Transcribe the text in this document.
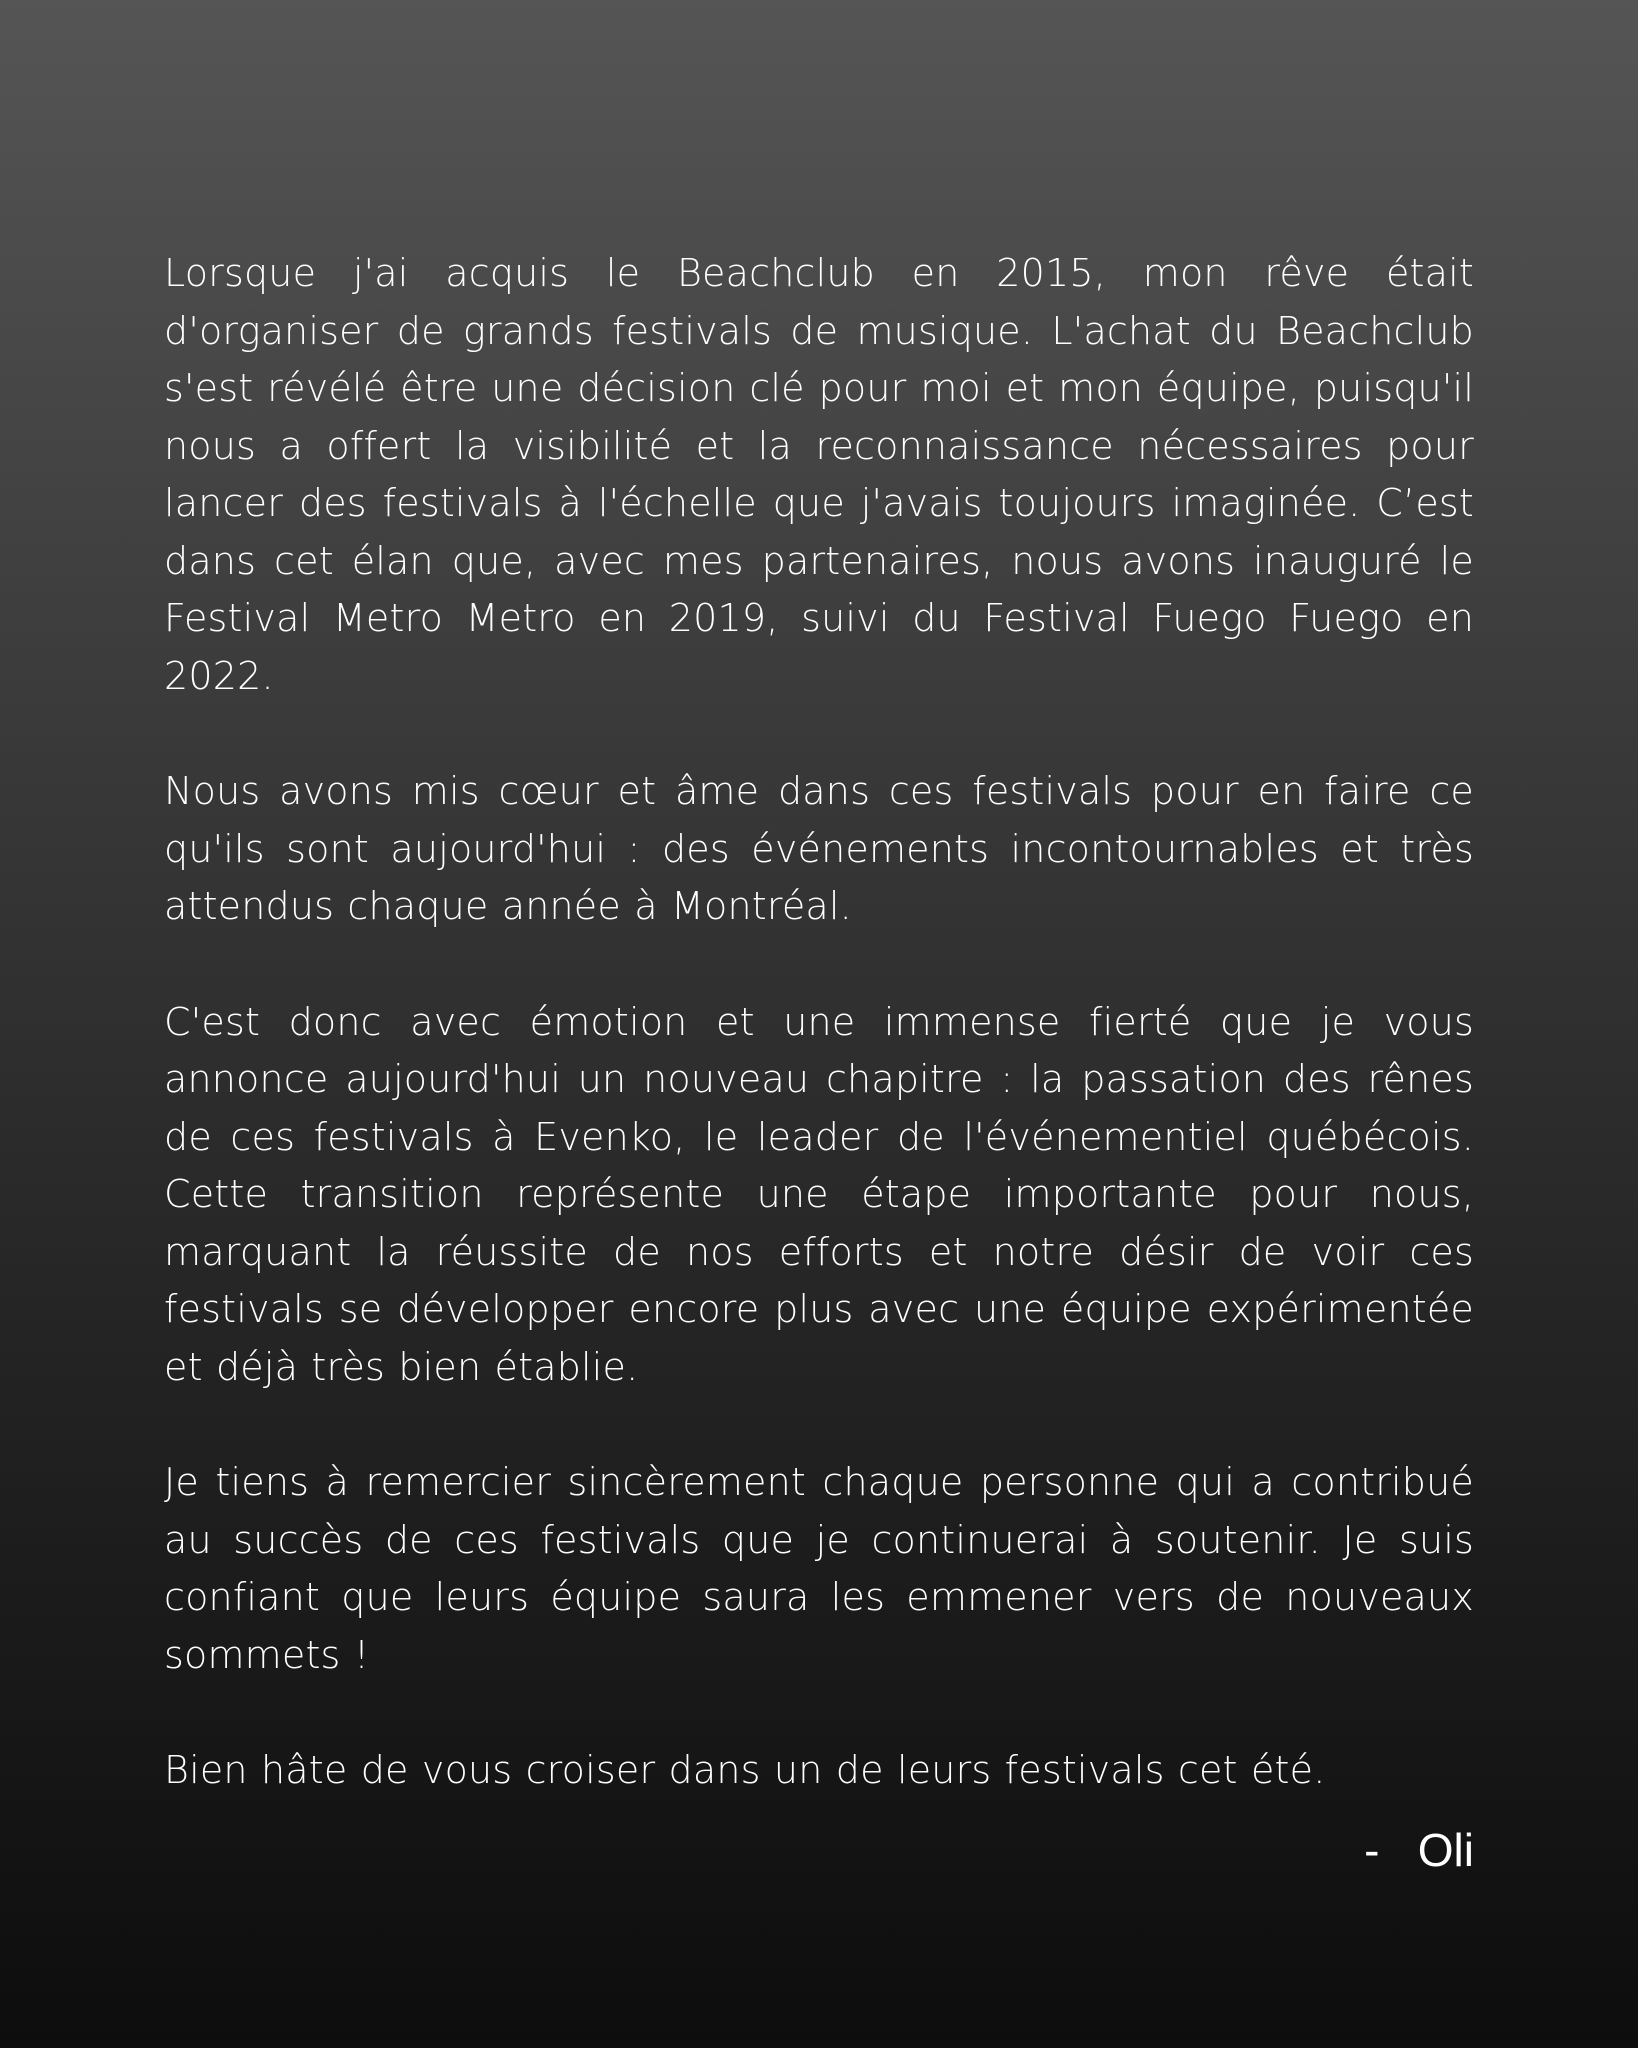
Lorsque j'ai acquis le Beachclub en 2015, mon rêve était d'organiser de grands festivals de musique. L'achat du Beachclub s'est révélé être une décision clé pour moi et mon équipe, puisqu'il nous a offert la visibilité et la reconnaissance nécessaires pour lancer des festivals à l'échelle que j'avais toujours imaginée. C’est dans cet élan que, avec mes partenaires, nous avons inauguré le Festival Metro Metro en 2019, suivi du Festival Fuego Fuego en 2022.

Nous avons mis cœur et âme dans ces festivals pour en faire ce qu'ils sont aujourd'hui : des événements incontournables et très attendus chaque année à Montréal.

C'est donc avec émotion et une immense fierté que je vous annonce aujourd'hui un nouveau chapitre : la passation des rênes de ces festivals à Evenko, le leader de l'événementiel québécois. Cette transition représente une étape importante pour nous, marquant la réussite de nos efforts et notre désir de voir ces festivals se développer encore plus avec une équipe expérimentée et déjà très bien établie.

Je tiens à remercier sincèrement chaque personne qui a contribué au succès de ces festivals que je continuerai à soutenir. Je suis confiant que leurs équipe saura les emmener vers de nouveaux sommets !

Bien hâte de vous croiser dans un de leurs festivals cet été.

-   Oli
